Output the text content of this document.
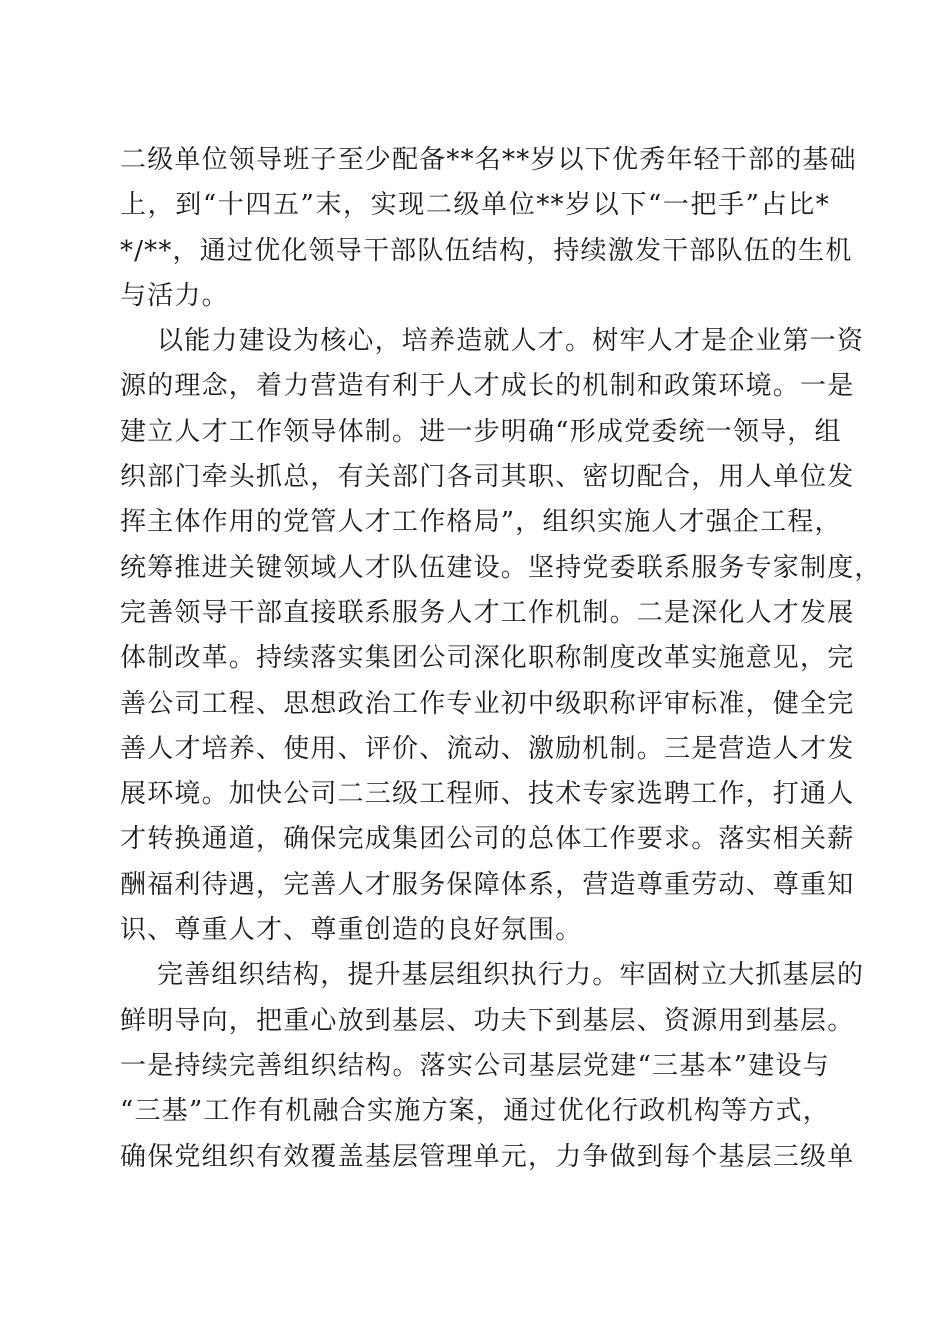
二级单位领导班子至少配备**名**岁以下优秀年轻干部的基础
上，到“十四五”末，实现二级单位**岁以下“一把手”占比*
*/**，通过优化领导干部队伍结构，持续激发干部队伍的生机
与活力。
以能力建设为核心，培养造就人才。树牢人才是企业第一资
源的理念，着力营造有利于人才成长的机制和政策环境。一是
建立人才工作领导体制。进一步明确“形成党委统一领导，组
织部门牵头抓总，有关部门各司其职、密切配合，用人单位发
挥主体作用的党管人才工作格局”，组织实施人才强企工程，
统筹推进关键领域人才队伍建设。坚持党委联系服务专家制度，
完善领导干部直接联系服务人才工作机制。二是深化人才发展
体制改革。持续落实集团公司深化职称制度改革实施意见，完
善公司工程、思想政治工作专业初中级职称评审标准，健全完
善人才培养、使用、评价、流动、激励机制。三是营造人才发
展环境。加快公司二三级工程师、技术专家选聘工作，打通人
才转换通道，确保完成集团公司的总体工作要求。落实相关薪
酬福利待遇，完善人才服务保障体系，营造尊重劳动、尊重知
识、尊重人才、尊重创造的良好氛围。
完善组织结构，提升基层组织执行力。牢固树立大抓基层的
鲜明导向，把重心放到基层、功夫下到基层、资源用到基层。
一是持续完善组织结构。落实公司基层党建“三基本”建设与
“三基”工作有机融合实施方案，通过优化行政机构等方式，
确保党组织有效覆盖基层管理单元，力争做到每个基层三级单
